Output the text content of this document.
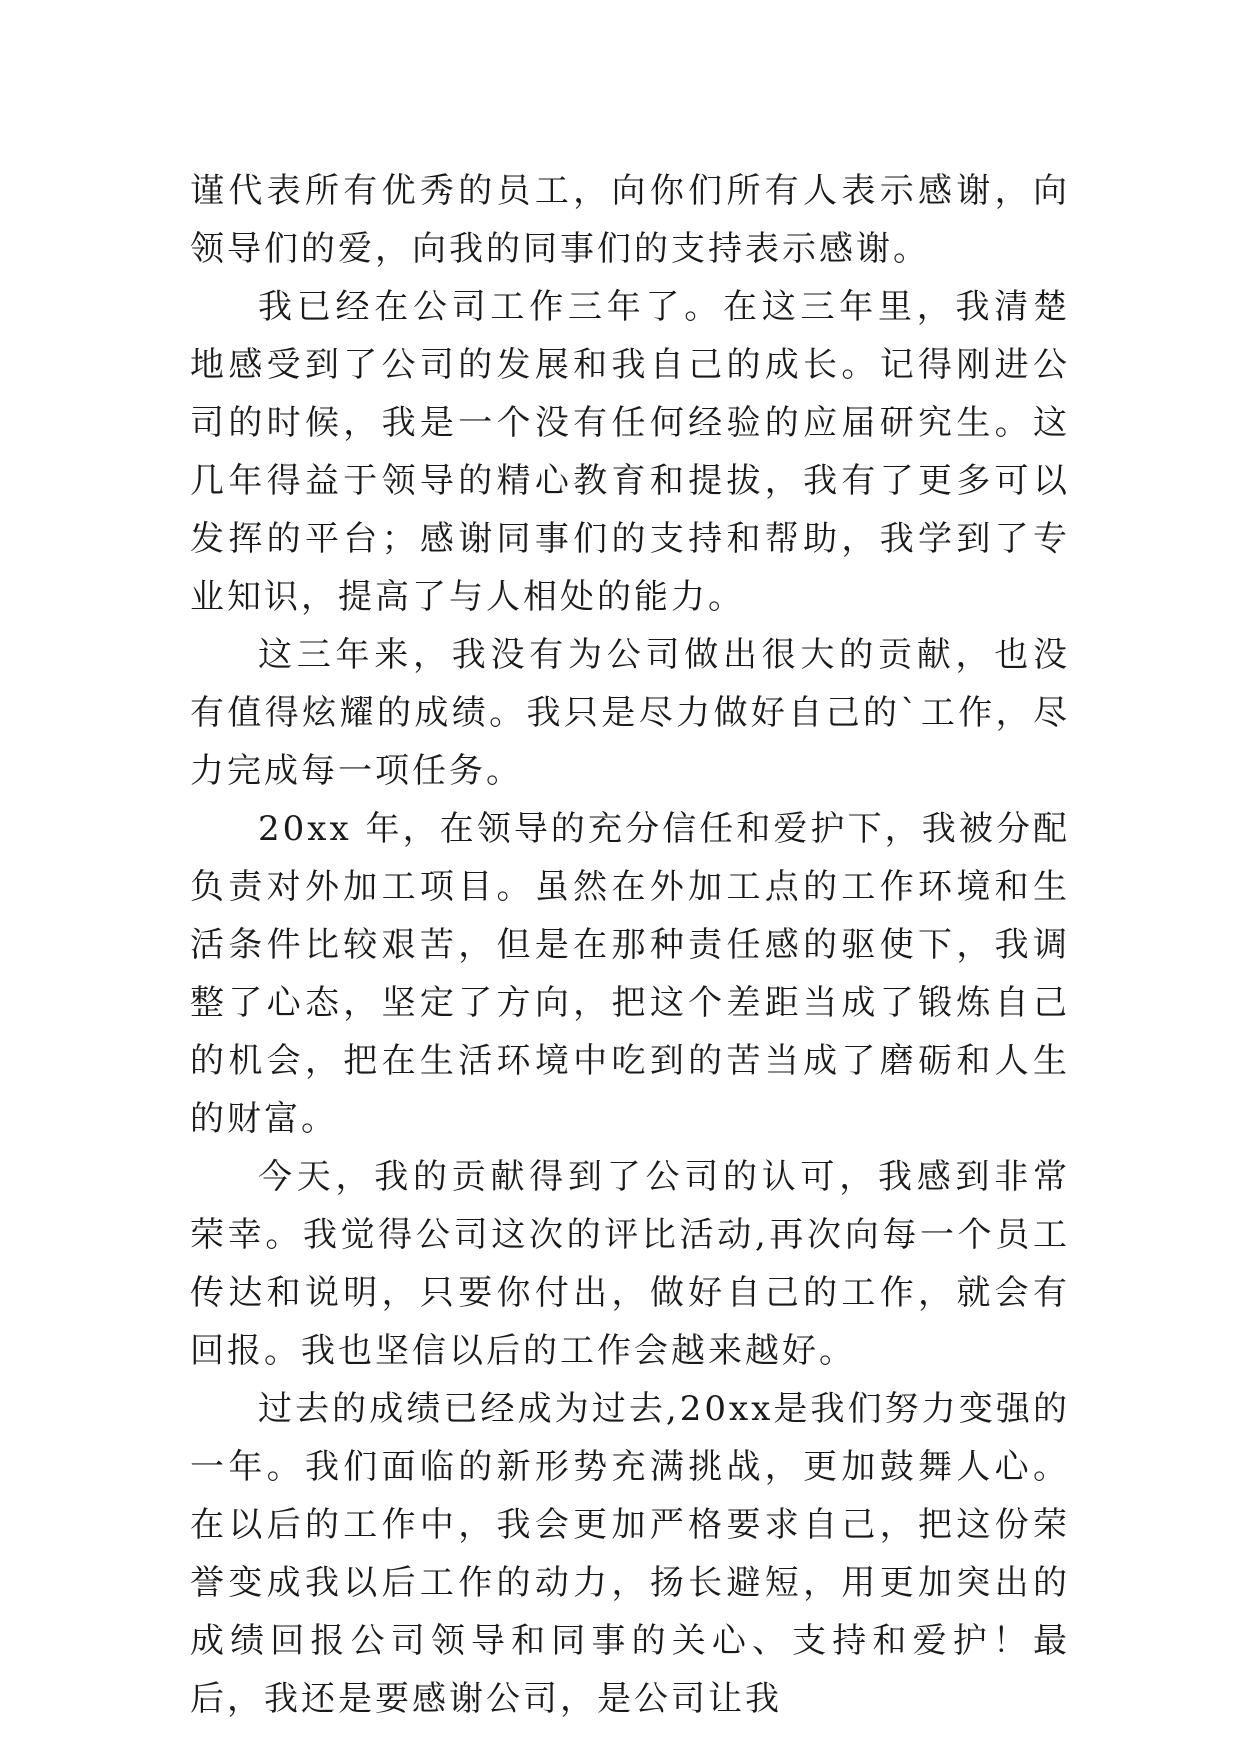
谨代表所有优秀的员工，向你们所有人表示感谢，向领导们的爱，向我的同事们的支持表示感谢。

我已经在公司工作三年了。在这三年里，我清楚地感受到了公司的发展和我自己的成长。记得刚进公司的时候，我是一个没有任何经验的应届研究生。这几年得益于领导的精心教育和提拔，我有了更多可以发挥的平台；感谢同事们的支持和帮助，我学到了专业知识，提高了与人相处的能力。

这三年来，我没有为公司做出很大的贡献，也没有值得炫耀的成绩。我只是尽力做好自己的`工作，尽力完成每一项任务。

20xx 年，在领导的充分信任和爱护下，我被分配负责对外加工项目。虽然在外加工点的工作环境和生活条件比较艰苦，但是在那种责任感的驱使下，我调整了心态，坚定了方向，把这个差距当成了锻炼自己的机会，把在生活环境中吃到的苦当成了磨砺和人生的财富。

今天，我的贡献得到了公司的认可，我感到非常荣幸。我觉得公司这次的评比活动,再次向每一个员工传达和说明，只要你付出，做好自己的工作，就会有回报。我也坚信以后的工作会越来越好。

过去的成绩已经成为过去,20xx是我们努力变强的一年。我们面临的新形势充满挑战，更加鼓舞人心。在以后的工作中，我会更加严格要求自己，把这份荣誉变成我以后工作的动力，扬长避短，用更加突出的成绩回报公司领导和同事的关心、支持和爱护！最后，我还是要感谢公司，是公司让我
